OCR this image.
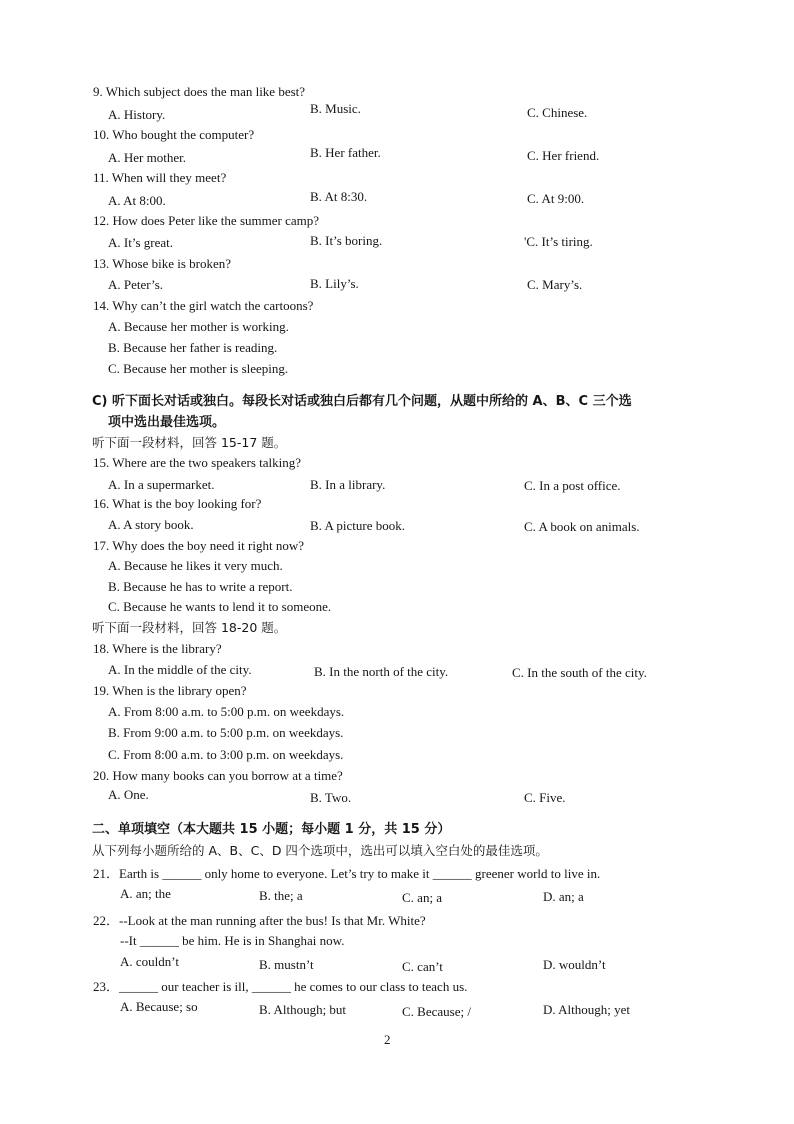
9. Which subject does the man like best?
A. History.	B. Music.	C. Chinese.
10. Who bought the computer?
A. Her mother.	B. Her father.	C. Her friend.
11. When will they meet?
A. At 8:00.	B. At 8:30.	C. At 9:00.
12. How does Peter like the summer camp?
A. It’s great.	B. It’s boring.	'C. It’s tiring.
13. Whose bike is broken?
A. Peter’s.	B. Lily’s.	C. Mary’s.
14. Why can’t the girl watch the cartoons?
A. Because her mother is working.
B. Because her father is reading.
C. Because her mother is sleeping.
C) 听下面长对话或独白。每段长对话或独白后都有几个问题，从题中所给的 A、B、C 三个选
项中选出最佳选项。
听下面一段材料，回答 15-17 题。
15. Where are the two speakers talking?
A. In a supermarket.	B. In a library.	C. In a post office.
16. What is the boy looking for?
A. A story book.	B. A picture book.	C. A book on animals.
17. Why does the boy need it right now?
A. Because he likes it very much.
B. Because he has to write a report.
C. Because he wants to lend it to someone.
听下面一段材料，回答 18-20 题。
18. Where is the library?
A. In the middle of the city.	B. In the north of the city.	C. In the south of the city.
19. When is the library open?
A. From 8:00 a.m. to 5:00 p.m. on weekdays.
B. From 9:00 a.m. to 5:00 p.m. on weekdays.
C. From 8:00 a.m. to 3:00 p.m. on weekdays.
20. How many books can you borrow at a time?
A. One.	B. Two.	C. Five.
二、单项填空（本大题共 15 小题；每小题 1 分，共 15 分）
从下列每小题所给的 A、B、C、D 四个选项中，选出可以填入空白处的最佳选项。
21．Earth is ______ only home to everyone. Let’s try to make it ______ greener world to live in.
A. an; the	B. the; a	C. an; a	D. an; a
22．--Look at the man running after the bus! Is that Mr. White?
--It ______ be him. He is in Shanghai now.
A. couldn’t	B. mustn’t	C. can’t	D. wouldn’t
23．______ our teacher is ill, ______ he comes to our class to teach us.
A. Because; so	B. Although; but	C. Because; /	D. Although; yet
2
